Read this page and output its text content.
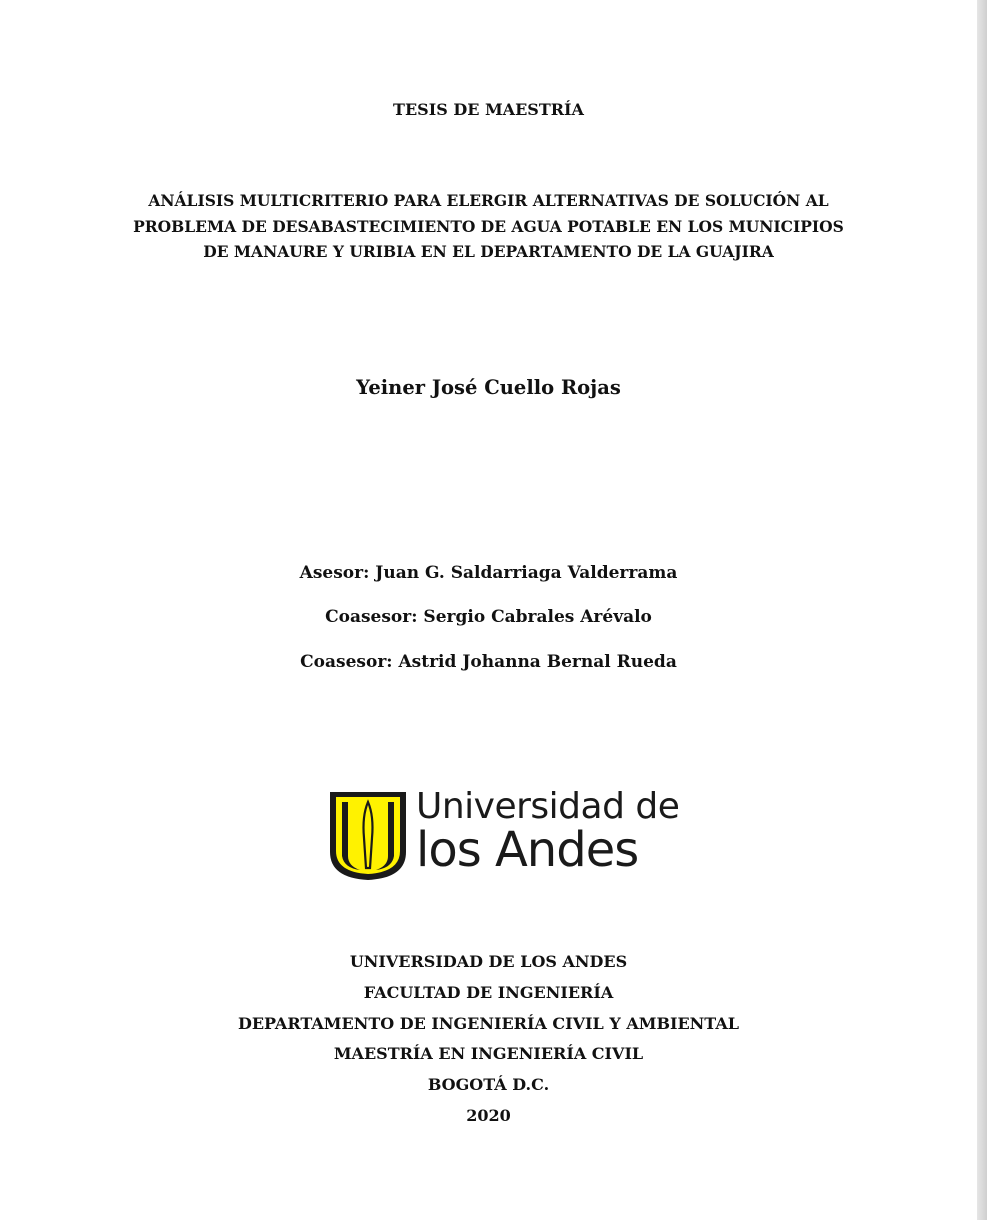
TESIS DE MAESTRÍA

ANÁLISIS MULTICRITERIO PARA ELERGIR ALTERNATIVAS DE SOLUCIÓN AL

PROBLEMA DE DESABASTECIMIENTO DE AGUA POTABLE EN LOS MUNICIPIOS

DE MANAURE Y URIBIA EN EL DEPARTAMENTO DE LA GUAJIRA

Yeiner José Cuello Rojas

Asesor: Juan G. Saldarriaga Valderrama

Coasesor: Sergio Cabrales Arévalo

Coasesor: Astrid Johanna Bernal Rueda

Universidad de

los Andes

UNIVERSIDAD DE LOS ANDES

FACULTAD DE INGENIERÍA

DEPARTAMENTO DE INGENIERÍA CIVIL Y AMBIENTAL

MAESTRÍA EN INGENIERÍA CIVIL

BOGOTÁ D.C.

2020
